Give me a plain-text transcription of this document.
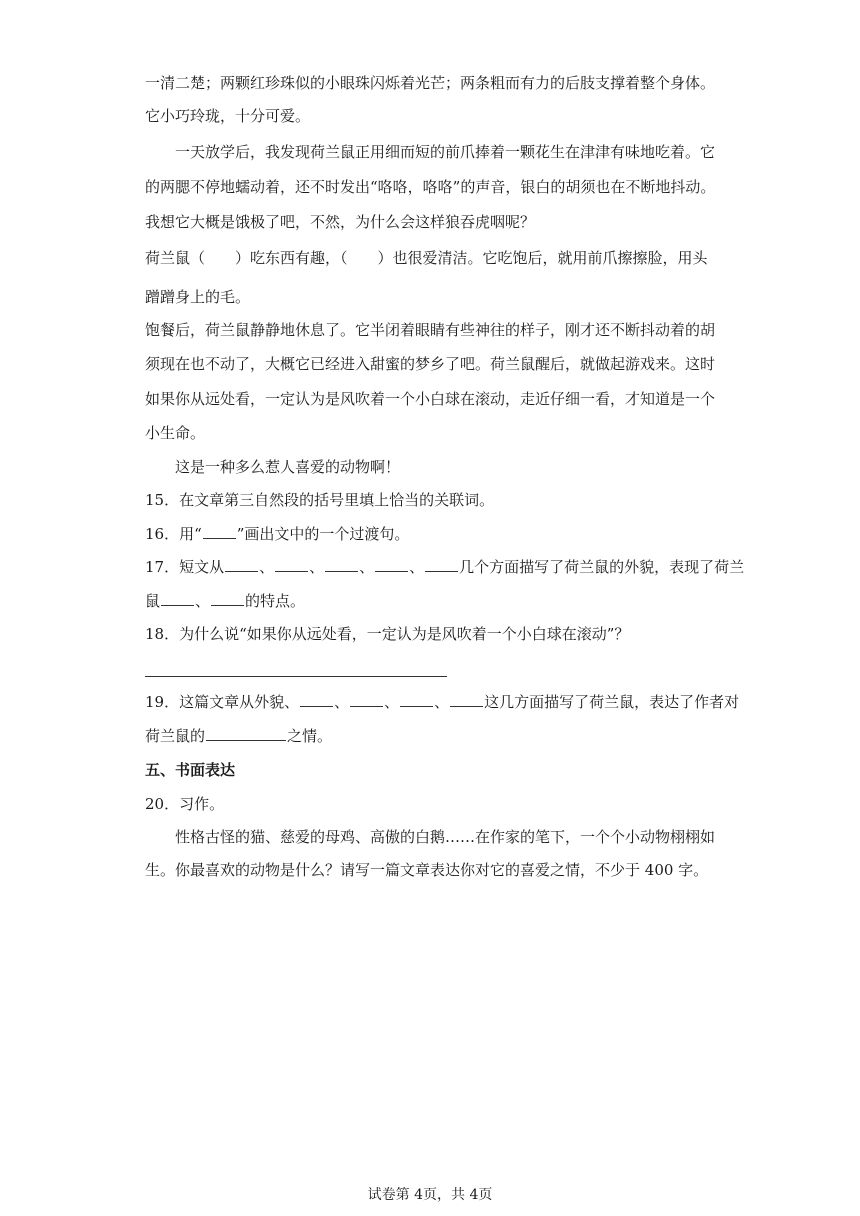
一清二楚；两颗红珍珠似的小眼珠闪烁着光芒；两条粗而有力的后肢支撑着整个身体。
它小巧玲珑，十分可爱。
一天放学后，我发现荷兰鼠正用细而短的前爪捧着一颗花生在津津有味地吃着。它
的两腮不停地蠕动着，还不时发出“咯咯，咯咯”的声音，银白的胡须也在不断地抖动。
我想它大概是饿极了吧，不然，为什么会这样狼吞虎咽呢？
荷兰鼠（　　）吃东西有趣，（　　）也很爱清洁。它吃饱后，就用前爪擦擦脸，用头
蹭蹭身上的毛。
饱餐后，荷兰鼠静静地休息了。它半闭着眼睛有些神往的样子，刚才还不断抖动着的胡
须现在也不动了，大概它已经进入甜蜜的梦乡了吧。荷兰鼠醒后，就做起游戏来。这时
如果你从远处看，一定认为是风吹着一个小白球在滚动，走近仔细一看，才知道是一个
小生命。
这是一种多么惹人喜爱的动物啊！
15．在文章第三自然段的括号里填上恰当的关联词。
16．用“ ”画出文中的一个过渡句。
17．短文从 、 、 、 、 几个方面描写了荷兰鼠的外貌，表现了荷兰
鼠 、 的特点。
18．为什么说“如果你从远处看，一定认为是风吹着一个小白球在滚动”？
19．这篇文章从外貌、 、 、 、 这几方面描写了荷兰鼠，表达了作者对
荷兰鼠的	之情。
五、书面表达
20．习作。
性格古怪的猫、慈爱的母鸡、高傲的白鹅……在作家的笔下，一个个小动物栩栩如
生。你最喜欢的动物是什么？请写一篇文章表达你对它的喜爱之情，不少于 400 字。
试卷第 4页，共 4页
